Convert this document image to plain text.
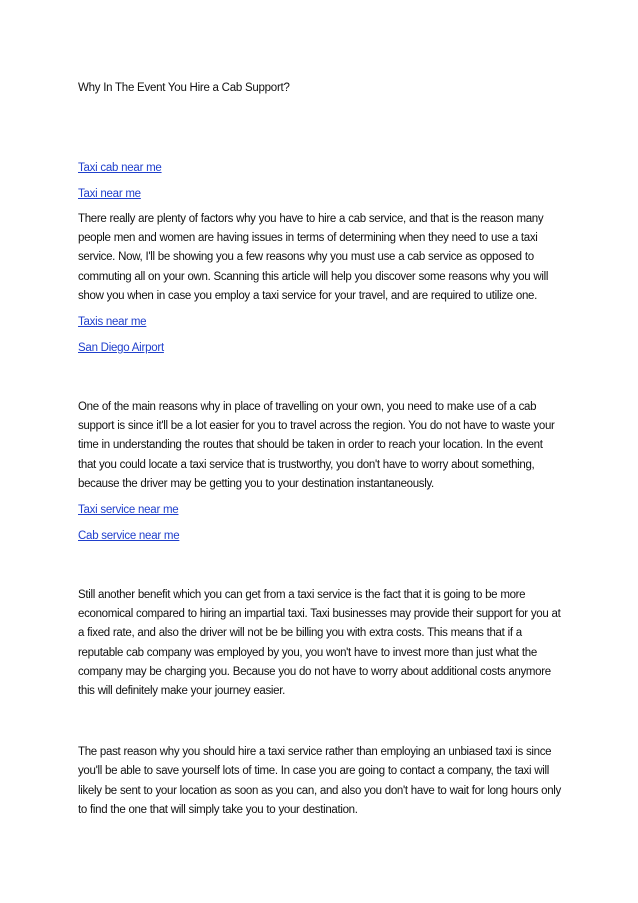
Why In The Event You Hire a Cab Support?

Taxi cab near me
Taxi near me

There really are plenty of factors why you have to hire a cab service, and that is the reason many people men and women are having issues in terms of determining when they need to use a taxi service. Now, I'll be showing you a few reasons why you must use a cab service as opposed to commuting all on your own. Scanning this article will help you discover some reasons why you will show you when in case you employ a taxi service for your travel, and are required to utilize one.

Taxis near me
San Diego Airport

One of the main reasons why in place of travelling on your own, you need to make use of a cab support is since it'll be a lot easier for you to travel across the region. You do not have to waste your time in understanding the routes that should be taken in order to reach your location. In the event that you could locate a taxi service that is trustworthy, you don't have to worry about something, because the driver may be getting you to your destination instantaneously.

Taxi service near me
Cab service near me

Still another benefit which you can get from a taxi service is the fact that it is going to be more economical compared to hiring an impartial taxi. Taxi businesses may provide their support for you at a fixed rate, and also the driver will not be be billing you with extra costs. This means that if a reputable cab company was employed by you, you won't have to invest more than just what the company may be charging you. Because you do not have to worry about additional costs anymore this will definitely make your journey easier.

The past reason why you should hire a taxi service rather than employing an unbiased taxi is since you'll be able to save yourself lots of time. In case you are going to contact a company, the taxi will likely be sent to your location as soon as you can, and also you don't have to wait for long hours only to find the one that will simply take you to your destination.
